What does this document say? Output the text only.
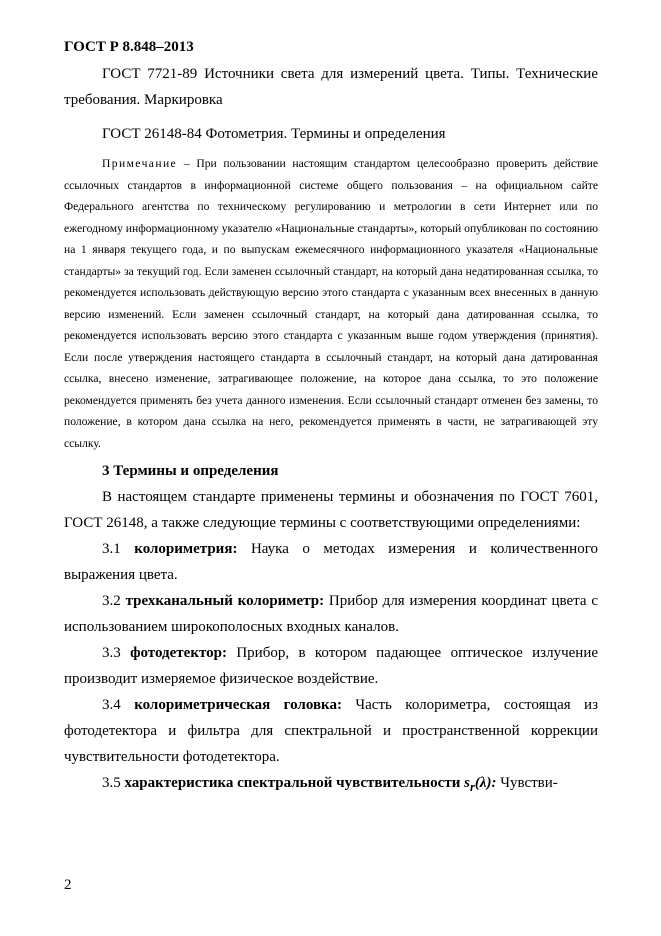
ГОСТ Р 8.848–2013

ГОСТ 7721-89 Источники света для измерений цвета. Типы. Технические требования. Маркировка

ГОСТ 26148-84 Фотометрия. Термины и определения

Примечание – При пользовании настоящим стандартом целесообразно проверить действие ссылочных стандартов в информационной системе общего пользования – на официальном сайте Федерального агентства по техническому регулированию и метрологии в сети Интернет или по ежегодному информационному указателю «Национальные стандарты», который опубликован по состоянию на 1 января текущего года, и по выпускам ежемесячного информационного указателя «Национальные стандарты» за текущий год. Если заменен ссылочный стандарт, на который дана недатированная ссылка, то рекомендуется использовать действующую версию этого стандарта с указанным всех внесенных в данную версию изменений. Если заменен ссылочный стандарт, на который дана датированная ссылка, то рекомендуется использовать версию этого стандарта с указанным выше годом утверждения (принятия). Если после утверждения настоящего стандарта в ссылочный стандарт, на который дана датированная ссылка, внесено изменение, затрагивающее положение, на которое дана ссылка, то это положение рекомендуется применять без учета данного изменения. Если ссылочный стандарт отменен без замены, то положение, в котором дана ссылка на него, рекомендуется применять в части, не затрагивающей эту ссылку.

3 Термины и определения

В настоящем стандарте применены термины и обозначения по ГОСТ 7601, ГОСТ 26148, а также следующие термины с соответствующими определениями:

3.1 колориметрия: Наука о методах измерения и количественного выражения цвета.

3.2 трехканальный колориметр: Прибор для измерения координат цвета с использованием широкополосных входных каналов.

3.3 фотодетектор: Прибор, в котором падающее оптическое излучение производит измеряемое физическое воздействие.

3.4 колориметрическая головка: Часть колориметра, состоящая из фотодетектора и фильтра для спектральной и пространственной коррекции чувствительности фотодетектора.

3.5 характеристика спектральной чувствительности $s_r(\lambda)$: Чувстви-

2
